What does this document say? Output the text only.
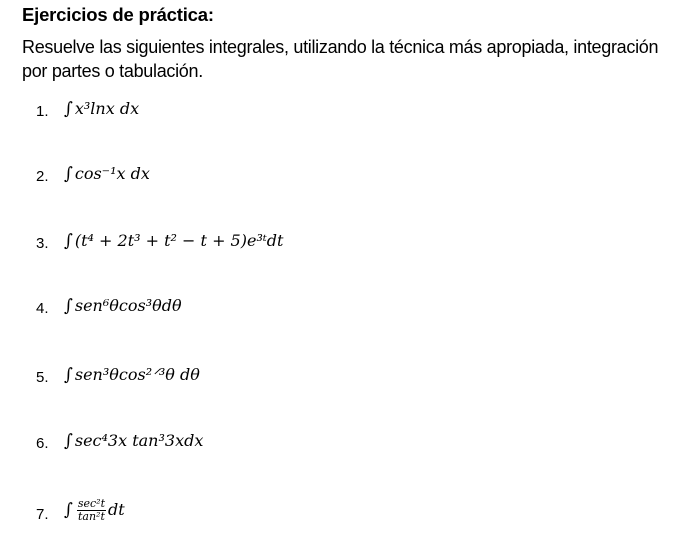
Ejercicios de práctica:
Resuelve las siguientes integrales, utilizando la técnica más apropiada, integración por partes o tabulación.
1. ∫ x³lnx dx
2. ∫ cos⁻¹x dx
3. ∫ (t⁴ + 2t³ + t² − t + 5)e³ᵗdt
4. ∫ sen⁶θcos³θdθ
5. ∫ sen³θcos²ᐟ³θ dθ
6. ∫ sec⁴3x tan³3xdx
7. ∫ $\frac{\text{sec²t}}{\text{tan²t}}$ dt
